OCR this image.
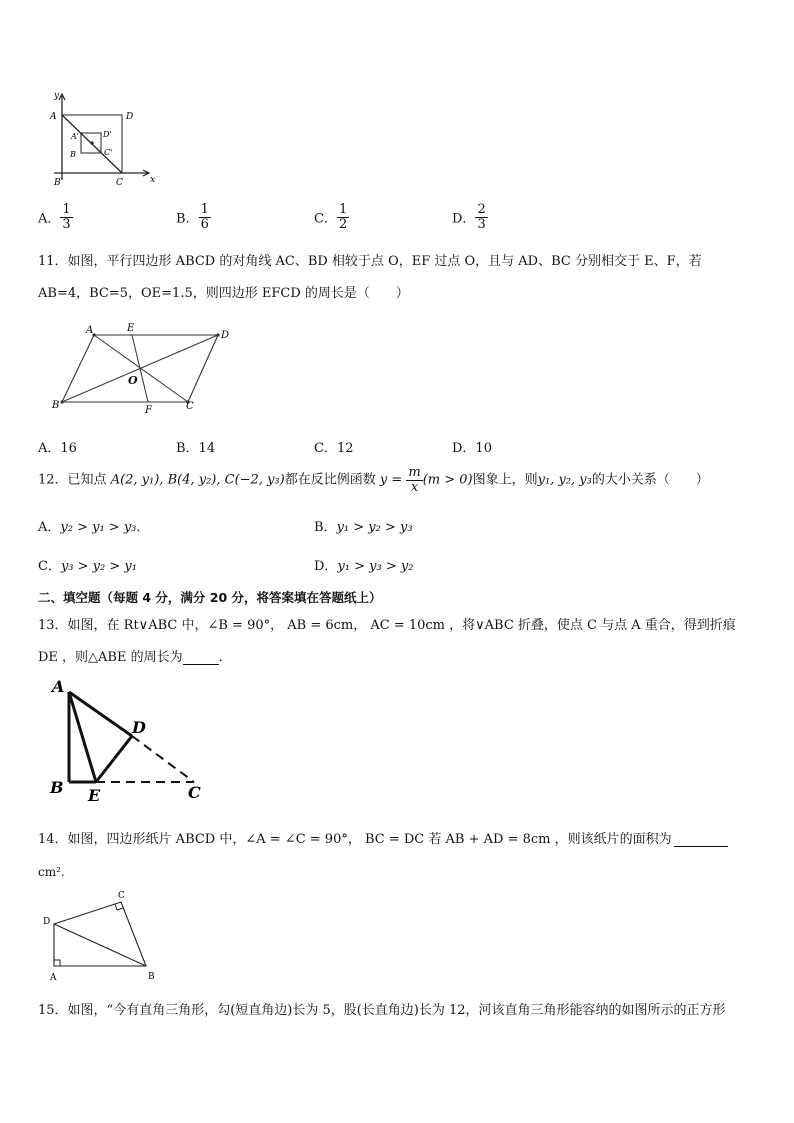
y
x
A	D
A'	D'
B	C'
B	C
A． $\frac{1}{3}$	B． $\frac{1}{6}$	C． $\frac{1}{2}$	D． $\frac{2}{3}$
11．如图，平行四边形 ABCD 的对角线 AC、BD 相较于点 O，EF 过点 O，且与 AD、BC 分别相交于 E、F，若
AB=4，BC=5，OE=1.5，则四边形 EFCD 的周长是（　　）
A	E
D
O
B	F	C
A．16	B．14	C．12	D．10
12．已知点 A(2, y₁), B(4, y₂), C(−2, y₃)都在反比例函数 $y = \frac{m}{x} (m > 0)$图象上，则y₁, y₂, y₃的大小关系（　　）
A．y₂ > y₁ > y₃．	B．y₁ > y₂ > y₃
C．y₃ > y₂ > y₁	D．y₁ > y₃ > y₂
二、填空题（每题 4 分，满分 20 分，将答案填在答题纸上）
13．如图，在 Rt∨ABC 中，∠B = 90°， AB = 6cm， AC = 10cm ，将∨ABC 折叠，使点 C 与点 A 重合，得到折痕
DE ，则△ABE 的周长为	．
A
D
B E	C
14．如图，四边形纸片 ABCD 中，∠A = ∠C = 90°， BC = DC 若 AB + AD = 8cm ，则该纸片的面积为
cm².
C
D
A	B
15．如图，“今有直角三角形，勾(短直角边)长为 5，股(长直角边)长为 12，河该直角三角形能容纳的如图所示的正方形
